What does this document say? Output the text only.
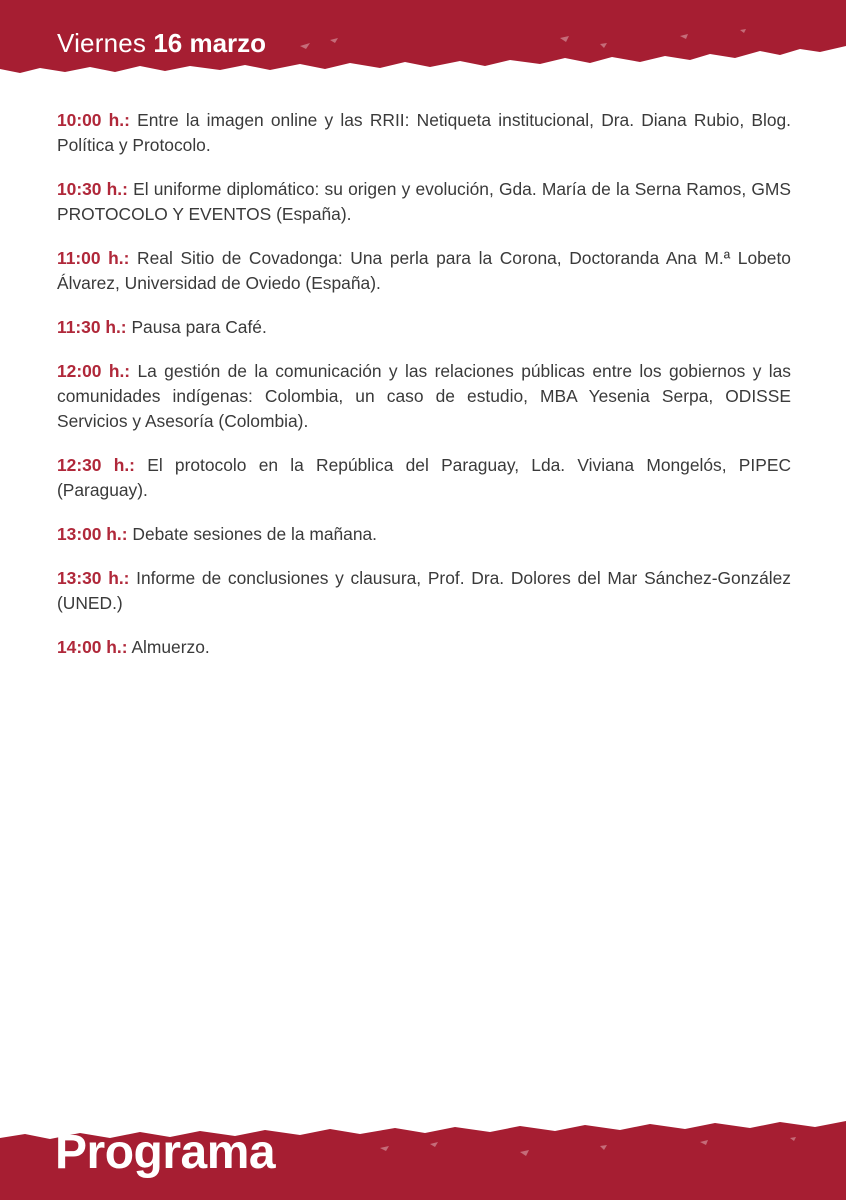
Viernes 16 marzo

10:00 h.: Entre la imagen online y las RRII: Netiqueta institucional, Dra. Diana Rubio, Blog. Política y Protocolo.

10:30 h.: El uniforme diplomático: su origen y evolución, Gda. María de la Serna Ramos, GMS PROTOCOLO Y EVENTOS (España).

11:00 h.: Real Sitio de Covadonga: Una perla para la Corona, Doctoranda Ana M.ª Lobeto Álvarez, Universidad de Oviedo (España).

11:30 h.: Pausa para Café.

12:00 h.: La gestión de la comunicación y las relaciones públicas entre los gobiernos y las comunidades indígenas: Colombia, un caso de estudio, MBA Yesenia Serpa, ODISSE Servicios y Asesoría (Colombia).

12:30 h.: El protocolo en la República del Paraguay, Lda. Viviana Mongelós, PIPEC (Paraguay).

13:00 h.: Debate sesiones de la mañana.

13:30 h.: Informe de conclusiones y clausura, Prof. Dra. Dolores del Mar Sánchez-González (UNED.)

14:00 h.: Almuerzo.

Programa
